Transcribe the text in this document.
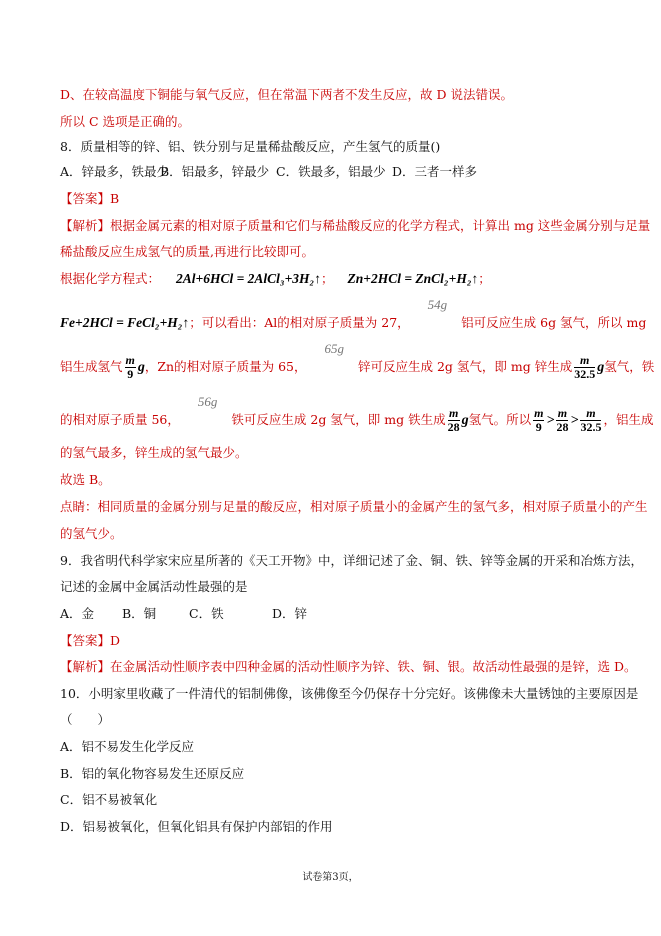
D、在较高温度下铜能与氧气反应，但在常温下两者不发生反应，故 D 说法错误。
所以 C 选项是正确的。
8．质量相等的锌、铝、铁分别与足量稀盐酸反应，产生氢气的质量()
A．锌最多，铁最少B．铝最多，锌最少 C．铁最多，铝最少 D．三者一样多
【答案】B
【解析】根据金属元素的相对原子质量和它们与稀盐酸反应的化学方程式，计算出 mg 这些金属分别与足量
稀盐酸反应生成氢气的质量,再进行比较即可。
根据化学方程式： 2Al+6HCl = 2AlCl₃+3H₂↑； Zn+2HCl = ZnCl₂+H₂↑；
Fe+2HCl = FeCl₂+H₂↑；可以看出：Al的相对原子质量为 27，54g铝可反应生成 6g 氢气，所以 mg
铝生成氢气 $\frac{m}{9}$ g，Zn的相对原子质量为 65，65g锌可反应生成 2g 氢气，即 mg 锌生成 $\frac{m}{32.5}$ g氢气，铁
的相对原子质量 56，56g铁可反应生成 2g 氢气，即 mg 铁生成 $\frac{m}{28}$ g氢气。所以 $\frac{m}{9} > \frac{m}{28} > \frac{m}{32.5}$ ，铝生成
的氢气最多，锌生成的氢气最少。
故选 B。
点睛：相同质量的金属分别与足量的酸反应，相对原子质量小的金属产生的氢气多，相对原子质量小的产生
的氢气少。
9．我省明代科学家宋应星所著的《天工开物》中，详细记述了金、铜、铁、锌等金属的开采和冶炼方法，
记述的金属中金属活动性最强的是
A．金 B．铜	C．铁	D．锌
【答案】D
【解析】在金属活动性顺序表中四种金属的活动性顺序为锌、铁、铜、银。故活动性最强的是锌，选 D。
10．小明家里收藏了一件清代的铝制佛像，该佛像至今仍保存十分完好。该佛像未大量锈蚀的主要原因是
（　　）
A．铝不易发生化学反应
B．铝的氧化物容易发生还原反应
C．铝不易被氧化
D．铝易被氧化，但氧化铝具有保护内部铝的作用
试卷第3页，
